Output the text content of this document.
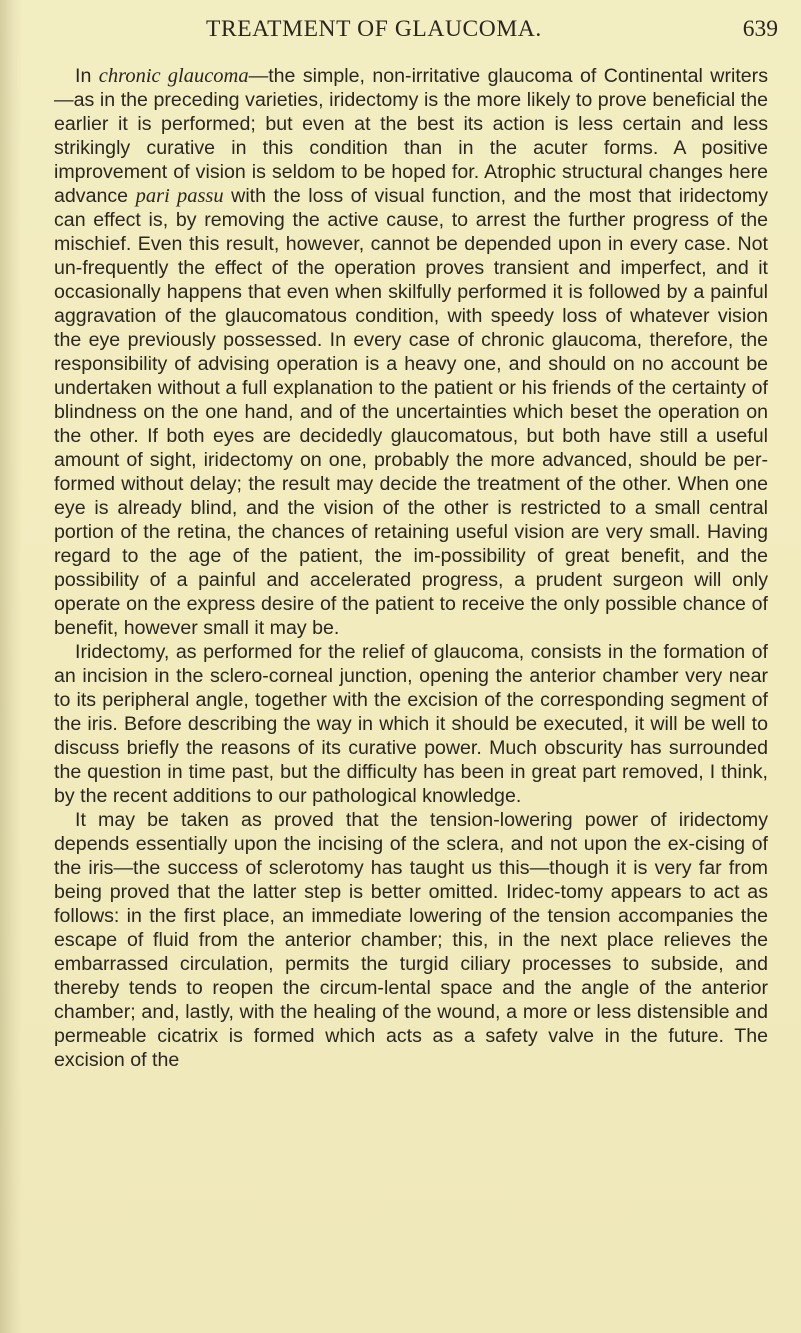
TREATMENT OF GLAUCOMA.	639

In chronic glaucoma—the simple, non-irritative glaucoma of Continental writers—as in the preceding varieties, iridectomy is the more likely to prove beneficial the earlier it is performed; but even at the best its action is less certain and less strikingly curative in this condition than in the acuter forms. A positive improvement of vision is seldom to be hoped for. Atrophic structural changes here advance pari passu with the loss of visual function, and the most that iridectomy can effect is, by removing the active cause, to arrest the further progress of the mischief. Even this result, however, cannot be depended upon in every case. Not un-frequently the effect of the operation proves transient and imperfect, and it occasionally happens that even when skilfully performed it is followed by a painful aggravation of the glaucomatous condition, with speedy loss of whatever vision the eye previously possessed. In every case of chronic glaucoma, therefore, the responsibility of advising operation is a heavy one, and should on no account be undertaken without a full explanation to the patient or his friends of the certainty of blindness on the one hand, and of the uncertainties which beset the operation on the other. If both eyes are decidedly glaucomatous, but both have still a useful amount of sight, iridectomy on one, probably the more advanced, should be per-formed without delay; the result may decide the treatment of the other. When one eye is already blind, and the vision of the other is restricted to a small central portion of the retina, the chances of retaining useful vision are very small. Having regard to the age of the patient, the im-possibility of great benefit, and the possibility of a painful and accelerated progress, a prudent surgeon will only operate on the express desire of the patient to receive the only possible chance of benefit, however small it may be.

Iridectomy, as performed for the relief of glaucoma, consists in the formation of an incision in the sclero-corneal junction, opening the anterior chamber very near to its peripheral angle, together with the excision of the corresponding segment of the iris. Before describing the way in which it should be executed, it will be well to discuss briefly the reasons of its curative power. Much obscurity has surrounded the question in time past, but the difficulty has been in great part removed, I think, by the recent additions to our pathological knowledge.

It may be taken as proved that the tension-lowering power of iridectomy depends essentially upon the incising of the sclera, and not upon the ex-cising of the iris—the success of sclerotomy has taught us this—though it is very far from being proved that the latter step is better omitted. Iridec-tomy appears to act as follows: in the first place, an immediate lowering of the tension accompanies the escape of fluid from the anterior chamber; this, in the next place relieves the embarrassed circulation, permits the turgid ciliary processes to subside, and thereby tends to reopen the circum-lental space and the angle of the anterior chamber; and, lastly, with the healing of the wound, a more or less distensible and permeable cicatrix is formed which acts as a safety valve in the future. The excision of the
